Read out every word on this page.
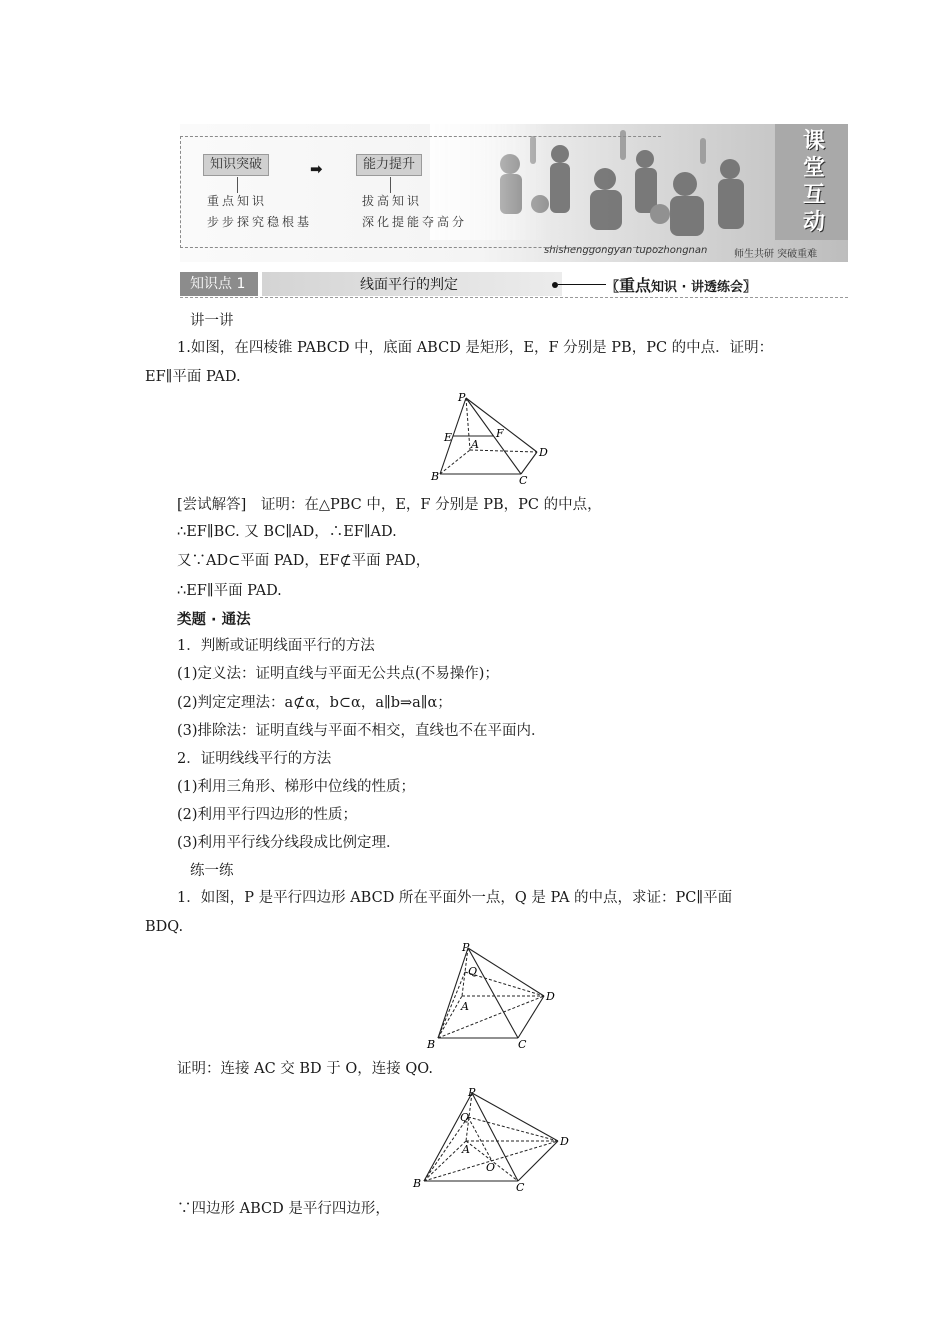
知识突破	➡	能力提升
重点知识
步步探究稳根基
拔高知识
深化提能夺高分
课
堂
互
动
shishenggongyan tupozhongnan	师生共研 突破重难
知识点 1	线面平行的判定	〖重点知识 · 讲透练会〗
讲一讲
1.如图，在四棱锥 PABCD 中，底面 ABCD 是矩形，E，F 分别是 PB，PC 的中点．证明：
EF∥平面 PAD.
P
E	F
A
D
B	C
[尝试解答]　证明：在△PBC 中，E，F 分别是 PB，PC 的中点，
∴EF∥BC. 又 BC∥AD，∴EF∥AD.
又∵AD⊂平面 PAD，EF⊄平面 PAD，
∴EF∥平面 PAD.
类题 · 通法
1．判断或证明线面平行的方法
(1)定义法：证明直线与平面无公共点(不易操作)；
(2)判定定理法：a⊄α，b⊂α，a∥b⇒a∥α；
(3)排除法：证明直线与平面不相交，直线也不在平面内．
2．证明线线平行的方法
(1)利用三角形、梯形中位线的性质；
(2)利用平行四边形的性质；
(3)利用平行线分线段成比例定理．
练一练
1．如图，P 是平行四边形 ABCD 所在平面外一点，Q 是 PA 的中点，求证：PC∥平面
BDQ.
P
Q
A
D
B	C
证明：连接 AC 交 BD 于 O，连接 QO.
P
Q
A
O
D
B	C
∵四边形 ABCD 是平行四边形，
